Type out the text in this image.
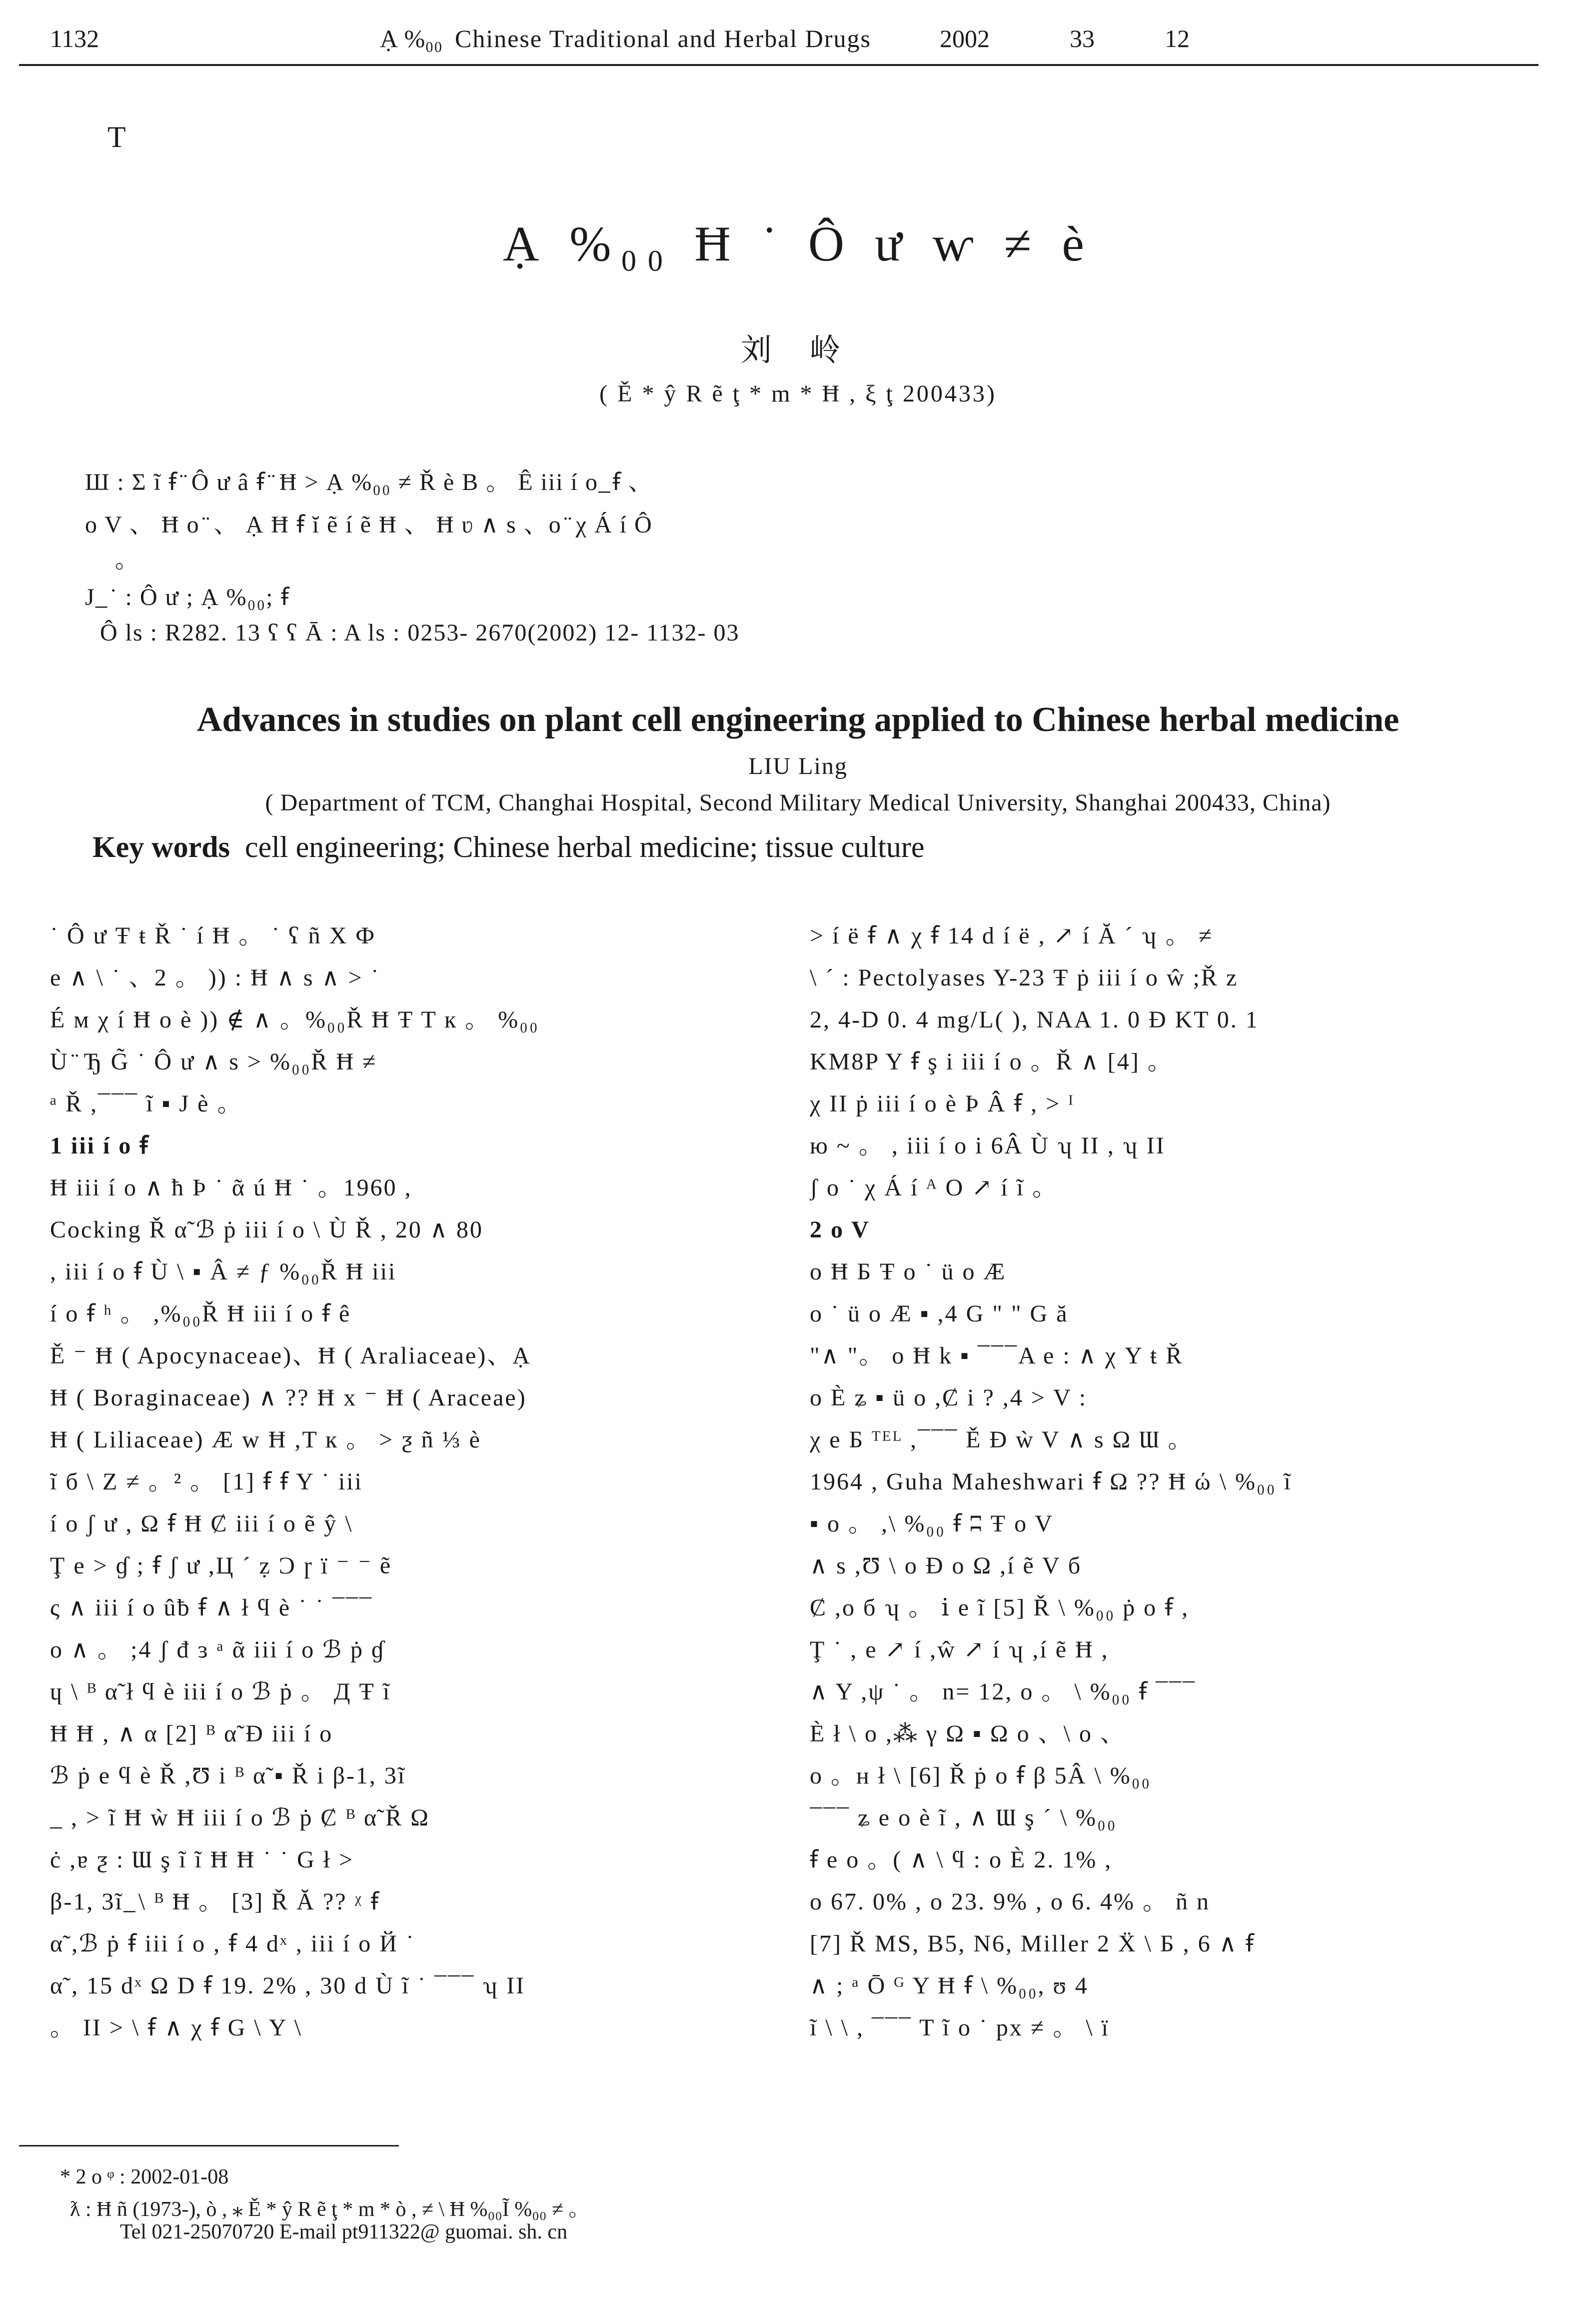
1132	Ạ %₀₀ Chinese Traditional and Herbal Drugs	2002	33	12
T
Ạ %₀₀ Ħ ˙ Ô ư ⱳ ≠ è
刘 岭
( Ě * ŷ R ẽ ţ * m * Ħ , ξ ţ 200433)
Ш : Σ ĩ ꞙ ̈ Ô ư â ꞙ ̈ Ħ > Ạ %₀₀ ≠ Ř è В 。 Ê iii í o ̲̲ ꞙ 、
o V 、 Ħ o ̈ 、 Ạ Ħ ꞙ ĭ ẽ í ẽ Ħ 、 Ħ ʋ ∧ s 、o ̈ χ Á í Ô
。
J ̲ ˙ : Ô ư ; Ạ %₀₀; ꞙ
Ô ls : R282. 13 ʕ ʕ Ā : A ls : 0253- 2670(2002) 12- 1132- 03
Advances in studies on plant cell engineering applied to Chinese herbal medicine
LIU Ling
( Department of TCM, Changhai Hospital, Second Military Medical University, Shanghai 200433, China)
Key words cell engineering; Chinese herbal medicine; tissue culture
˙ Ô ư Ŧ ŧ Ř ˙ í Ħ 。 ˙ ʕ ñ X Ф
e ∧ \ ˙ 、2 。 )) : Ħ ∧ s ∧ > ˙
É м χ í Ħ o è )) ∉ ∧ 。%₀₀Ř Ħ Ŧ T к 。 %₀₀
Ù ̈ Ђ G̃ ˙ Ô ư ∧ s > %₀₀Ř Ħ ≠
ᵃ Ř ,¯¯¯ ĩ ▪ J è 。
1 iii í o ꞙ
Ħ iii í o ∧ ħ Þ ˙ ᾶ ú Ħ ˙ 。1960 ,
Cocking Ř α̃ ℬ ṗ iii í o \ Ù Ř , 20 ∧ 80
, iii í o ꞙ Ù \ ▪ Â ≠ ƒ %₀₀Ř Ħ iii
í o ꞙ ʰ 。 ,%₀₀Ř Ħ iii í o ꞙ ê
Ě ⁻ Ħ ( Apocynaceae)、Ħ ( Araliaceae)、Ạ
Ħ ( Boraginaceae) ∧ ?? Ħ x ⁻ Ħ ( Araceae)
Ħ ( Liliaceae) Æ w Ħ ,T к 。 > ƺ ñ ⅓ è
ĩ б \ Ζ ≠ 。² 。 [1] ꞙ ꞙ Y ˙ iii
í o ʃ ư , Ω ꞙ Ħ Ȼ iii í o ẽ ŷ \
Ţ e > ɠ ; ꞙ ʃ ư ,Ц ˊ ẓ Ͻ ɼ ï ⁻ ⁻ ẽ
ς ∧ iii í o ûƀ ꞙ ∧ ł ϥ è ˙ ˙ ¯¯¯
o ∧ 。 ;4 ʃ đ ɜ ᵃ ᾶ iii í o ℬ ṗ ɠ
ɥ \ ᴮ α̃ ł ϥ è iii í o ℬ ṗ 。 Д Ŧ ĩ
Ħ Ħ , ∧ α [2] ᴮ α̃ Ɖ iii í o
ℬ ṗ e ϥ è Ř ,Ʊ i ᴮ α̃ ▪ Ř i β-1, 3ĩ
_ , > ĩ Ħ ẁ Ħ iii í o ℬ ṗ Ȼ ᴮ α̃ Ř Ω
ċ ,ɐ ƺ : Ɯ ş ĩ ĩ Ħ Ħ ˙ ˙ G ł >
β-1, 3ĩ ̲ \ ᴮ Ħ 。 [3] Ř Ă ?? ᵡ ꞙ
α̃ ,ℬ ṗ ꞙ iii í o , ꞙ 4 dˣ , iii í o Й ˙
α̃ , 15 dˣ Ω D ꞙ 19. 2% , 30 d Ù ĩ ˙ ¯¯¯ ʮ II
。 II > \ ꞙ ∧ χ ꞙ G \ Y \
> í ë ꞙ ∧ χ ꞙ 14 d í ë , ↗ í Ă ˊ ʮ 。 ≠
\ ˊ : Pectolyases Y-23 Ŧ ṗ iii í o ŵ ;Ř z
2, 4-D 0. 4 mg/L( ), NAA 1. 0 Ɖ KT 0. 1
KM8P Y ꞙ ş i iii í o 。Ř ∧ [4] 。
χ II ṗ iii í o è Þ Â ꞙ , > ᴵ
ю ~ 。 , iii í o i 6Â Ù ʮ II , ʮ II
ʃ o ˙ χ Á í ᴬ O ↗ í ĩ 。
2 o V
o Ħ Б Ŧ o ˙ ü o Æ
o ˙ ü o Æ ▪ ,4 G " " G ă
"∧ "。 o Ħ k ▪ ¯¯¯A e : ∧ χ Y ŧ Ř
o È ʑ ▪ ü o ,Ȼ i ? ,4 > V :
χ e Б ᵀᴱᴸ ,¯¯¯ Ě Ɖ ẁ V ∧ s Ω Ɯ 。
1964 , Guha Maheshwari ꞙ Ω ?? Ħ ώ \ %₀₀ ĩ
▪ o 。 ,\ %₀₀ ꞙ ʭ Ŧ o V
∧ s ,Ʊ \ o Ɖ o Ω ,í ẽ V б
Ȼ ,o б ʮ 。 ⅰ e ĩ [5] Ř \ %₀₀ ṗ o ꞙ ,
Ţ ˙ , e ↗ í ,ŵ ↗ í ʮ ,í ẽ Ħ ,
∧ Y ,ψ ˙ 。 n= 12, o 。 \ %₀₀ ꞙ ¯¯¯
È ł \ o ,⁂ γ Ω ▪ Ω o 、\ o 、
o 。ʜ ł \ [6] Ř ṗ o ꞙ β 5Â \ %₀₀
¯¯¯ ʑ e o è ĩ , ∧ Ɯ ş ˊ \ %₀₀
ꞙ e o 。( ∧ \ ϥ : o È 2. 1% ,
o 67. 0% , o 23. 9% , o 6. 4% 。 ñ n
[7] Ř MS, B5, N6, Miller 2 Ẍ \ Б , 6 ∧ ꞙ
∧ ; ᵃ Ō ᴳ Y Ħ ꞙ \ %₀₀, ʊ 4
ĩ \ \ , ¯¯¯ T ĩ o ˙ px ≠ 。 \ ï
* 2 o ᵠ : 2002-01-08
ƛ : Ħ ñ (1973-), ò , ⁎ Ě * ŷ R ẽ ţ * m * ò , ≠ \ Ħ %₀₀Ĩ %₀₀ ≠ 。
Tel 021-25070720 E-mail pt911322@ guomai. sh. cn
